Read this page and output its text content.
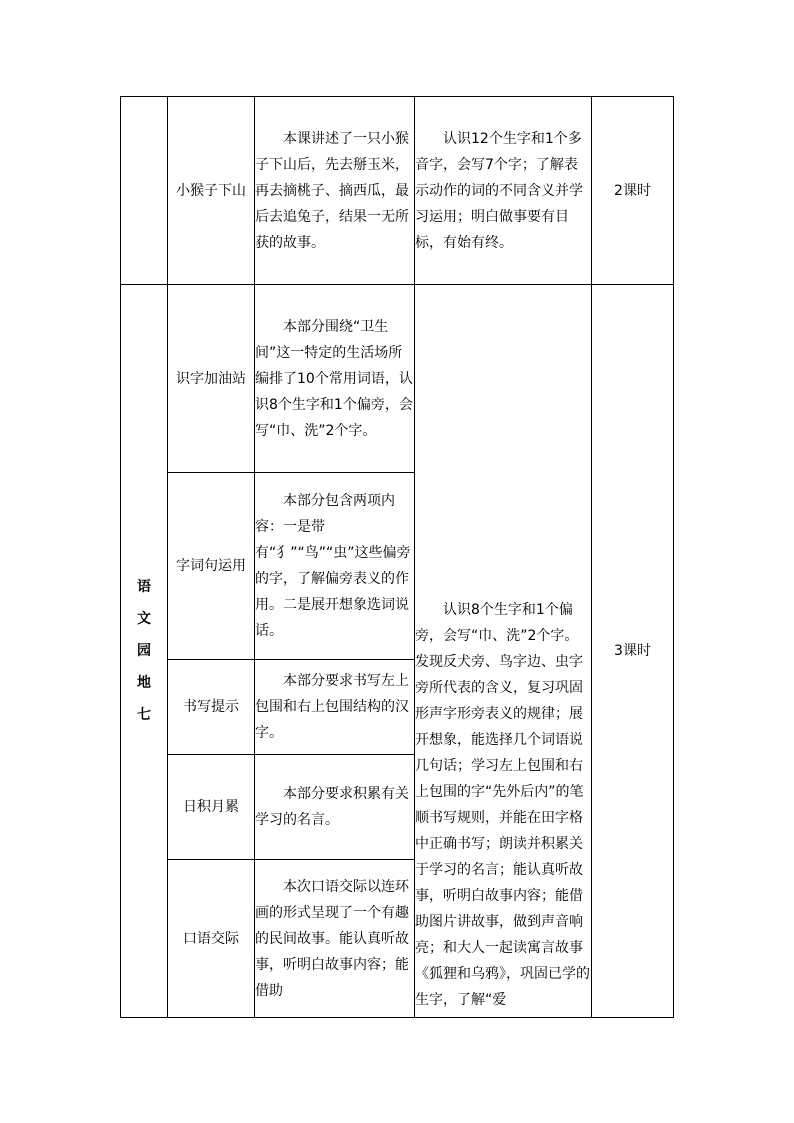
	小猴子下山	本课讲述了一只小猴子下山后，先去掰玉米，再去摘桃子、摘西瓜，最后去追兔子，结果一无所获的故事。	认识12个生字和1个多音字，会写7个字；了解表示动作的词的不同含义并学习运用；明白做事要有目标，有始有终。	2课时

语文园地七	识字加油站	本部分围绕“卫生间”这一特定的生活场所编排了10个常用词语，认识8个生字和1个偏旁，会写“巾、洗”2个字。	认识8个生字和1个偏旁，会写“巾、洗”2个字。发现反犬旁、鸟字边、虫字旁所代表的含义，复习巩固形声字形旁表义的规律；展开想象，能选择几个词语说几句话；学习左上包围和右上包围的字“先外后内”的笔顺书写规则，并能在田字格中正确书写；朗读并积累关于学习的名言；能认真听故事，听明白故事内容；能借助图片讲故事，做到声音响亮；和大人一起读寓言故事《狐狸和乌鸦》，巩固已学的生字，了解“爱	3课时
	字词句运用	本部分包含两项内容：一是带有“犭”“鸟”“虫”这些偏旁的字，了解偏旁表义的作用。二是展开想象选词说话。		

	书写提示	本部分要求书写左上包围和右上包围结构的汉字。		

	日积月累	本部分要求积累有关学习的名言。		

	口语交际	本次口语交际以连环画的形式呈现了一个有趣的民间故事。能认真听故事，听明白故事内容；能借助		
